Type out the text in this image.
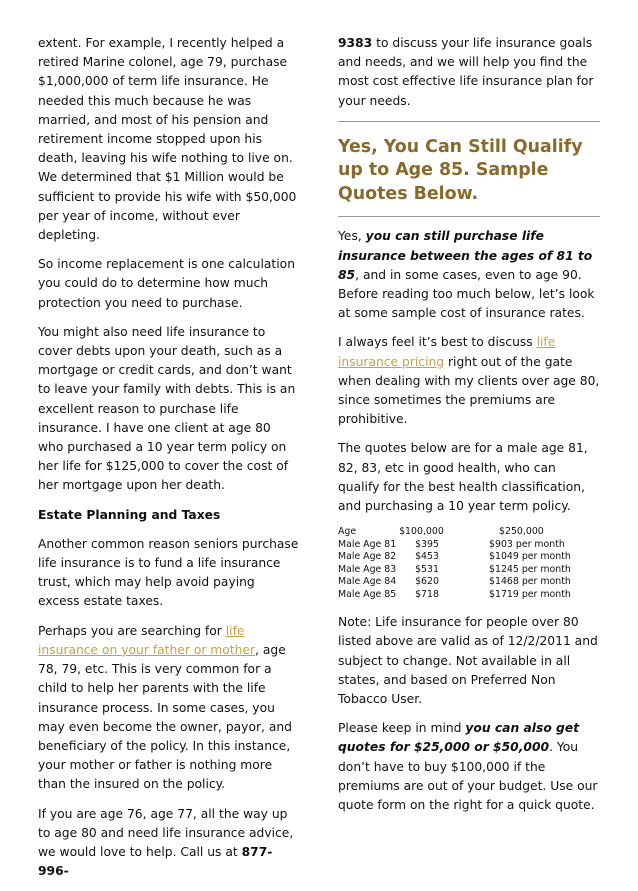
extent. For example, I recently helped a retired Marine colonel, age 79, purchase $1,000,000 of term life insurance. He needed this much because he was married, and most of his pension and retirement income stopped upon his death, leaving his wife nothing to live on. We determined that $1 Million would be sufficient to provide his wife with $50,000 per year of income, without ever depleting.

So income replacement is one calculation you could do to determine how much protection you need to purchase.

You might also need life insurance to cover debts upon your death, such as a mortgage or credit cards, and don’t want to leave your family with debts. This is an excellent reason to purchase life insurance. I have one client at age 80 who purchased a 10 year term policy on her life for $125,000 to cover the cost of her mortgage upon her death.

Estate Planning and Taxes

Another common reason seniors purchase life insurance is to fund a life insurance trust, which may help avoid paying excess estate taxes.

Perhaps you are searching for life insurance on your father or mother, age 78, 79, etc. This is very common for a child to help her parents with the life insurance process. In some cases, you may even become the owner, payor, and beneficiary of the policy. In this instance, your mother or father is nothing more than the insured on the policy.

If you are age 76, age 77, all the way up to age 80 and need life insurance advice, we would love to help. Call us at 877-996-

9383 to discuss your life insurance goals and needs, and we will help you find the most cost effective life insurance plan for your needs.

Yes, You Can Still Qualify up to Age 85. Sample Quotes Below.

Yes, you can still purchase life insurance between the ages of 81 to 85, and in some cases, even to age 90. Before reading too much below, let’s look at some sample cost of insurance rates.

I always feel it’s best to discuss life insurance pricing right out of the gate when dealing with my clients over age 80, since sometimes the premiums are prohibitive.

The quotes below are for a male age 81, 82, 83, etc in good health, who can qualify for the best health classification, and purchasing a 10 year term policy.

Age	$100,000	$250,000
Male Age 81	$395	$903 per month
Male Age 82	$453	$1049 per month
Male Age 83	$531	$1245 per month
Male Age 84	$620	$1468 per month
Male Age 85	$718	$1719 per month

Note: Life insurance for people over 80 listed above are valid as of 12/2/2011 and subject to change. Not available in all states, and based on Preferred Non Tobacco User.

Please keep in mind you can also get quotes for $25,000 or $50,000. You don’t have to buy $100,000 if the premiums are out of your budget. Use our quote form on the right for a quick quote.
